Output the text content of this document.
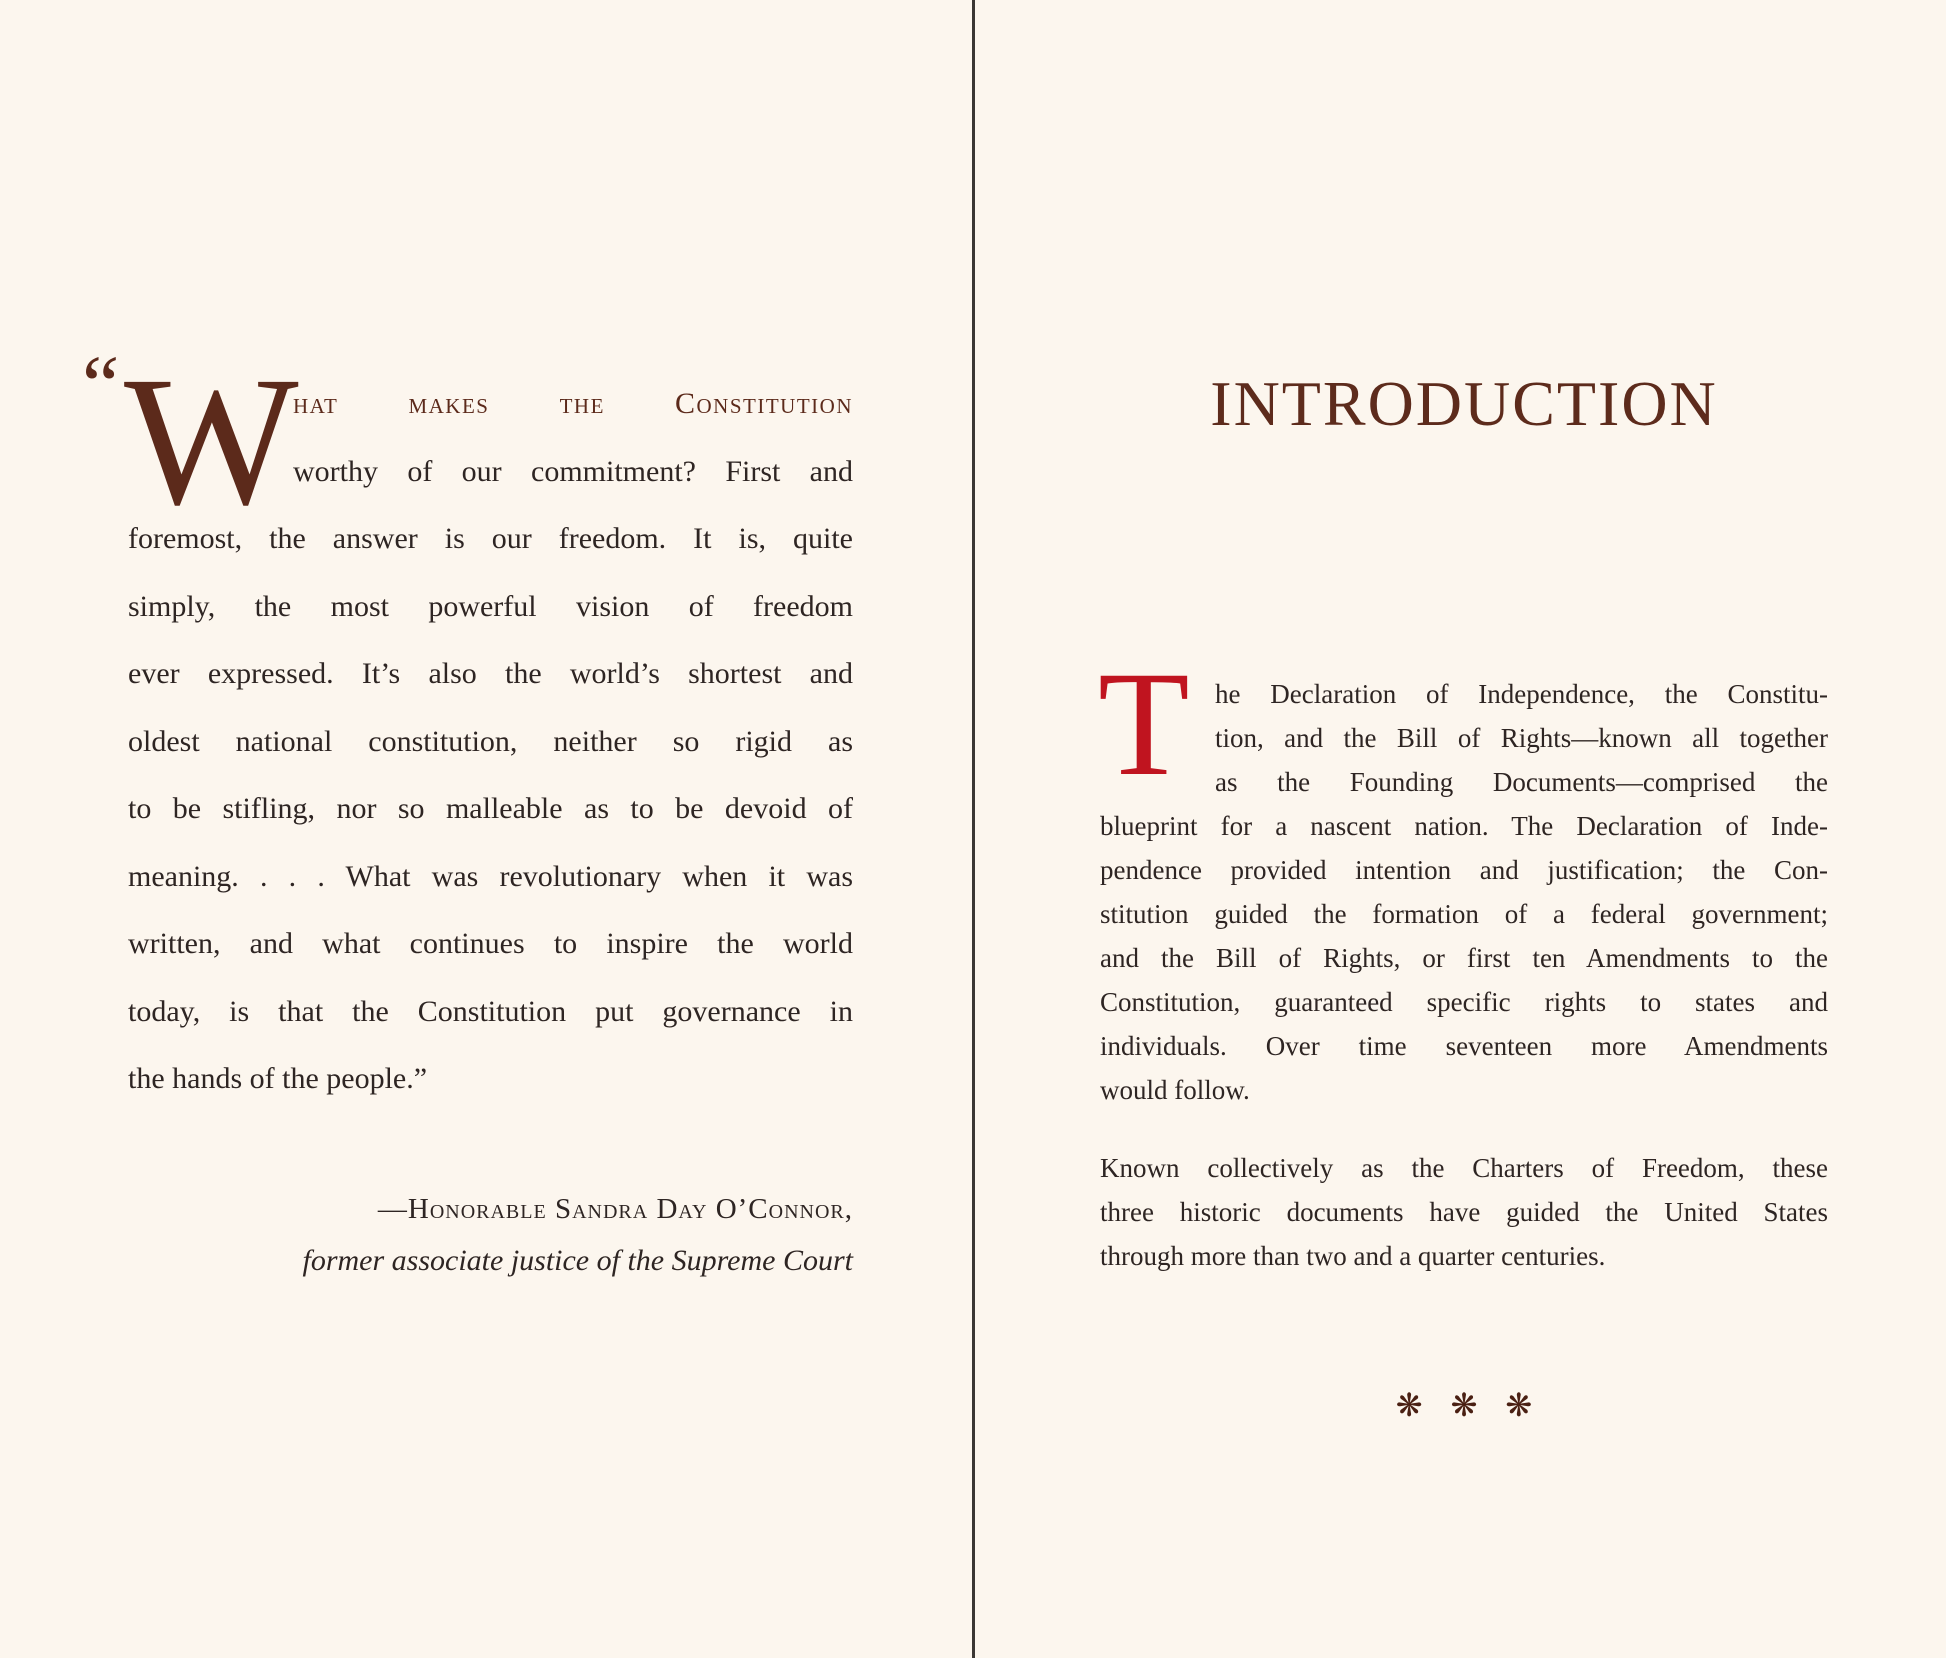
“ W
hat makes the Constitution
worthy of our commitment? First and
foremost, the answer is our freedom. It is, quite
simply, the most powerful vision of freedom
ever expressed. It’s also the world’s shortest and
oldest national constitution, neither so rigid as
to be stifling, nor so malleable as to be devoid of
meaning. . . . What was revolutionary when it was
written, and what continues to inspire the world
today, is that the Constitution put governance in
the hands of the people.”
—Honorable Sandra Day O’Connor,
former associate justice of the Supreme Court
INTRODUCTION
T he Declaration of Independence, the Constitu-
tion, and the Bill of Rights—known all together
as the Founding Documents—comprised the
blueprint for a nascent nation. The Declaration of Inde-
pendence provided intention and justification; the Con-
stitution guided the formation of a federal government;
and the Bill of Rights, or first ten Amendments to the
Constitution, guaranteed specific rights to states and
individuals. Over time seventeen more Amendments
would follow.
Known collectively as the Charters of Freedom, these
three historic documents have guided the United States
through more than two and a quarter centuries.
❋ ❋ ❋
